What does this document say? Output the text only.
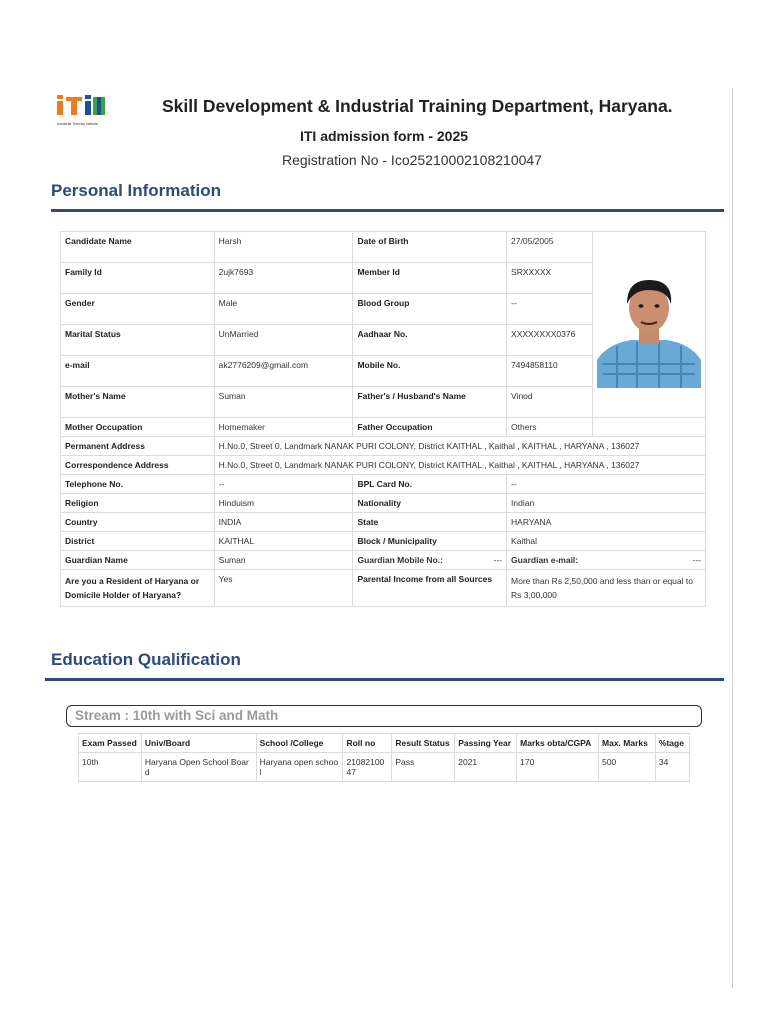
Industrial Training Institute
Skill Development & Industrial Training Department, Haryana.
ITI admission form - 2025
Registration No - Ico25210002108210047
Personal Information
Candidate Name	Harsh	Date of Birth	27/05/2005	
Family Id	2ujk7693	Member Id	SRXXXXX	
Gender	Male	Blood Group	--	
Marital Status	UnMarried	Aadhaar No.	XXXXXXXX0376	
e-mail	ak2776209@gmail.com	Mobile No.	7494858110	
Mother's Name	Suman	Father's / Husband's Name	Vinod	
Mother Occupation	Homemaker	Father Occupation	Others	
Permanent Address	H.No.0, Street 0, Landmark NANAK PURI COLONY, District KAITHAL , Kaithal , KAITHAL , HARYANA , 136027			
Correspondence Address	H.No.0, Street 0, Landmark NANAK PURI COLONY, District KAITHAL , Kaithal , KAITHAL , HARYANA , 136027			
Telephone No.	--	BPL Card No.	--	
Religion	Hinduism	Nationality	Indian	
Country	INDIA	State	HARYANA	
District	KAITHAL	Block / Municipality	Kaithal	
Guardian Name	Suman	Guardian Mobile No.: ---	Guardian e-mail: ---	

Are you a Resident of Haryana or Domicile Holder of Haryana?	Yes	Parental Income from all Sources	More than Rs 2,50,000 and less than or equal to Rs 3,00,000	
Education Qualification
Stream : 10th with Sci and Math
Exam Passed	Univ/Board	School /College	Roll no	Result Status	Passing Year	Marks obta/CGPA	Max. Marks	%tage
10th	Haryana Open School Board	Haryana open school	2108210047	Pass	2021	170	500	34
